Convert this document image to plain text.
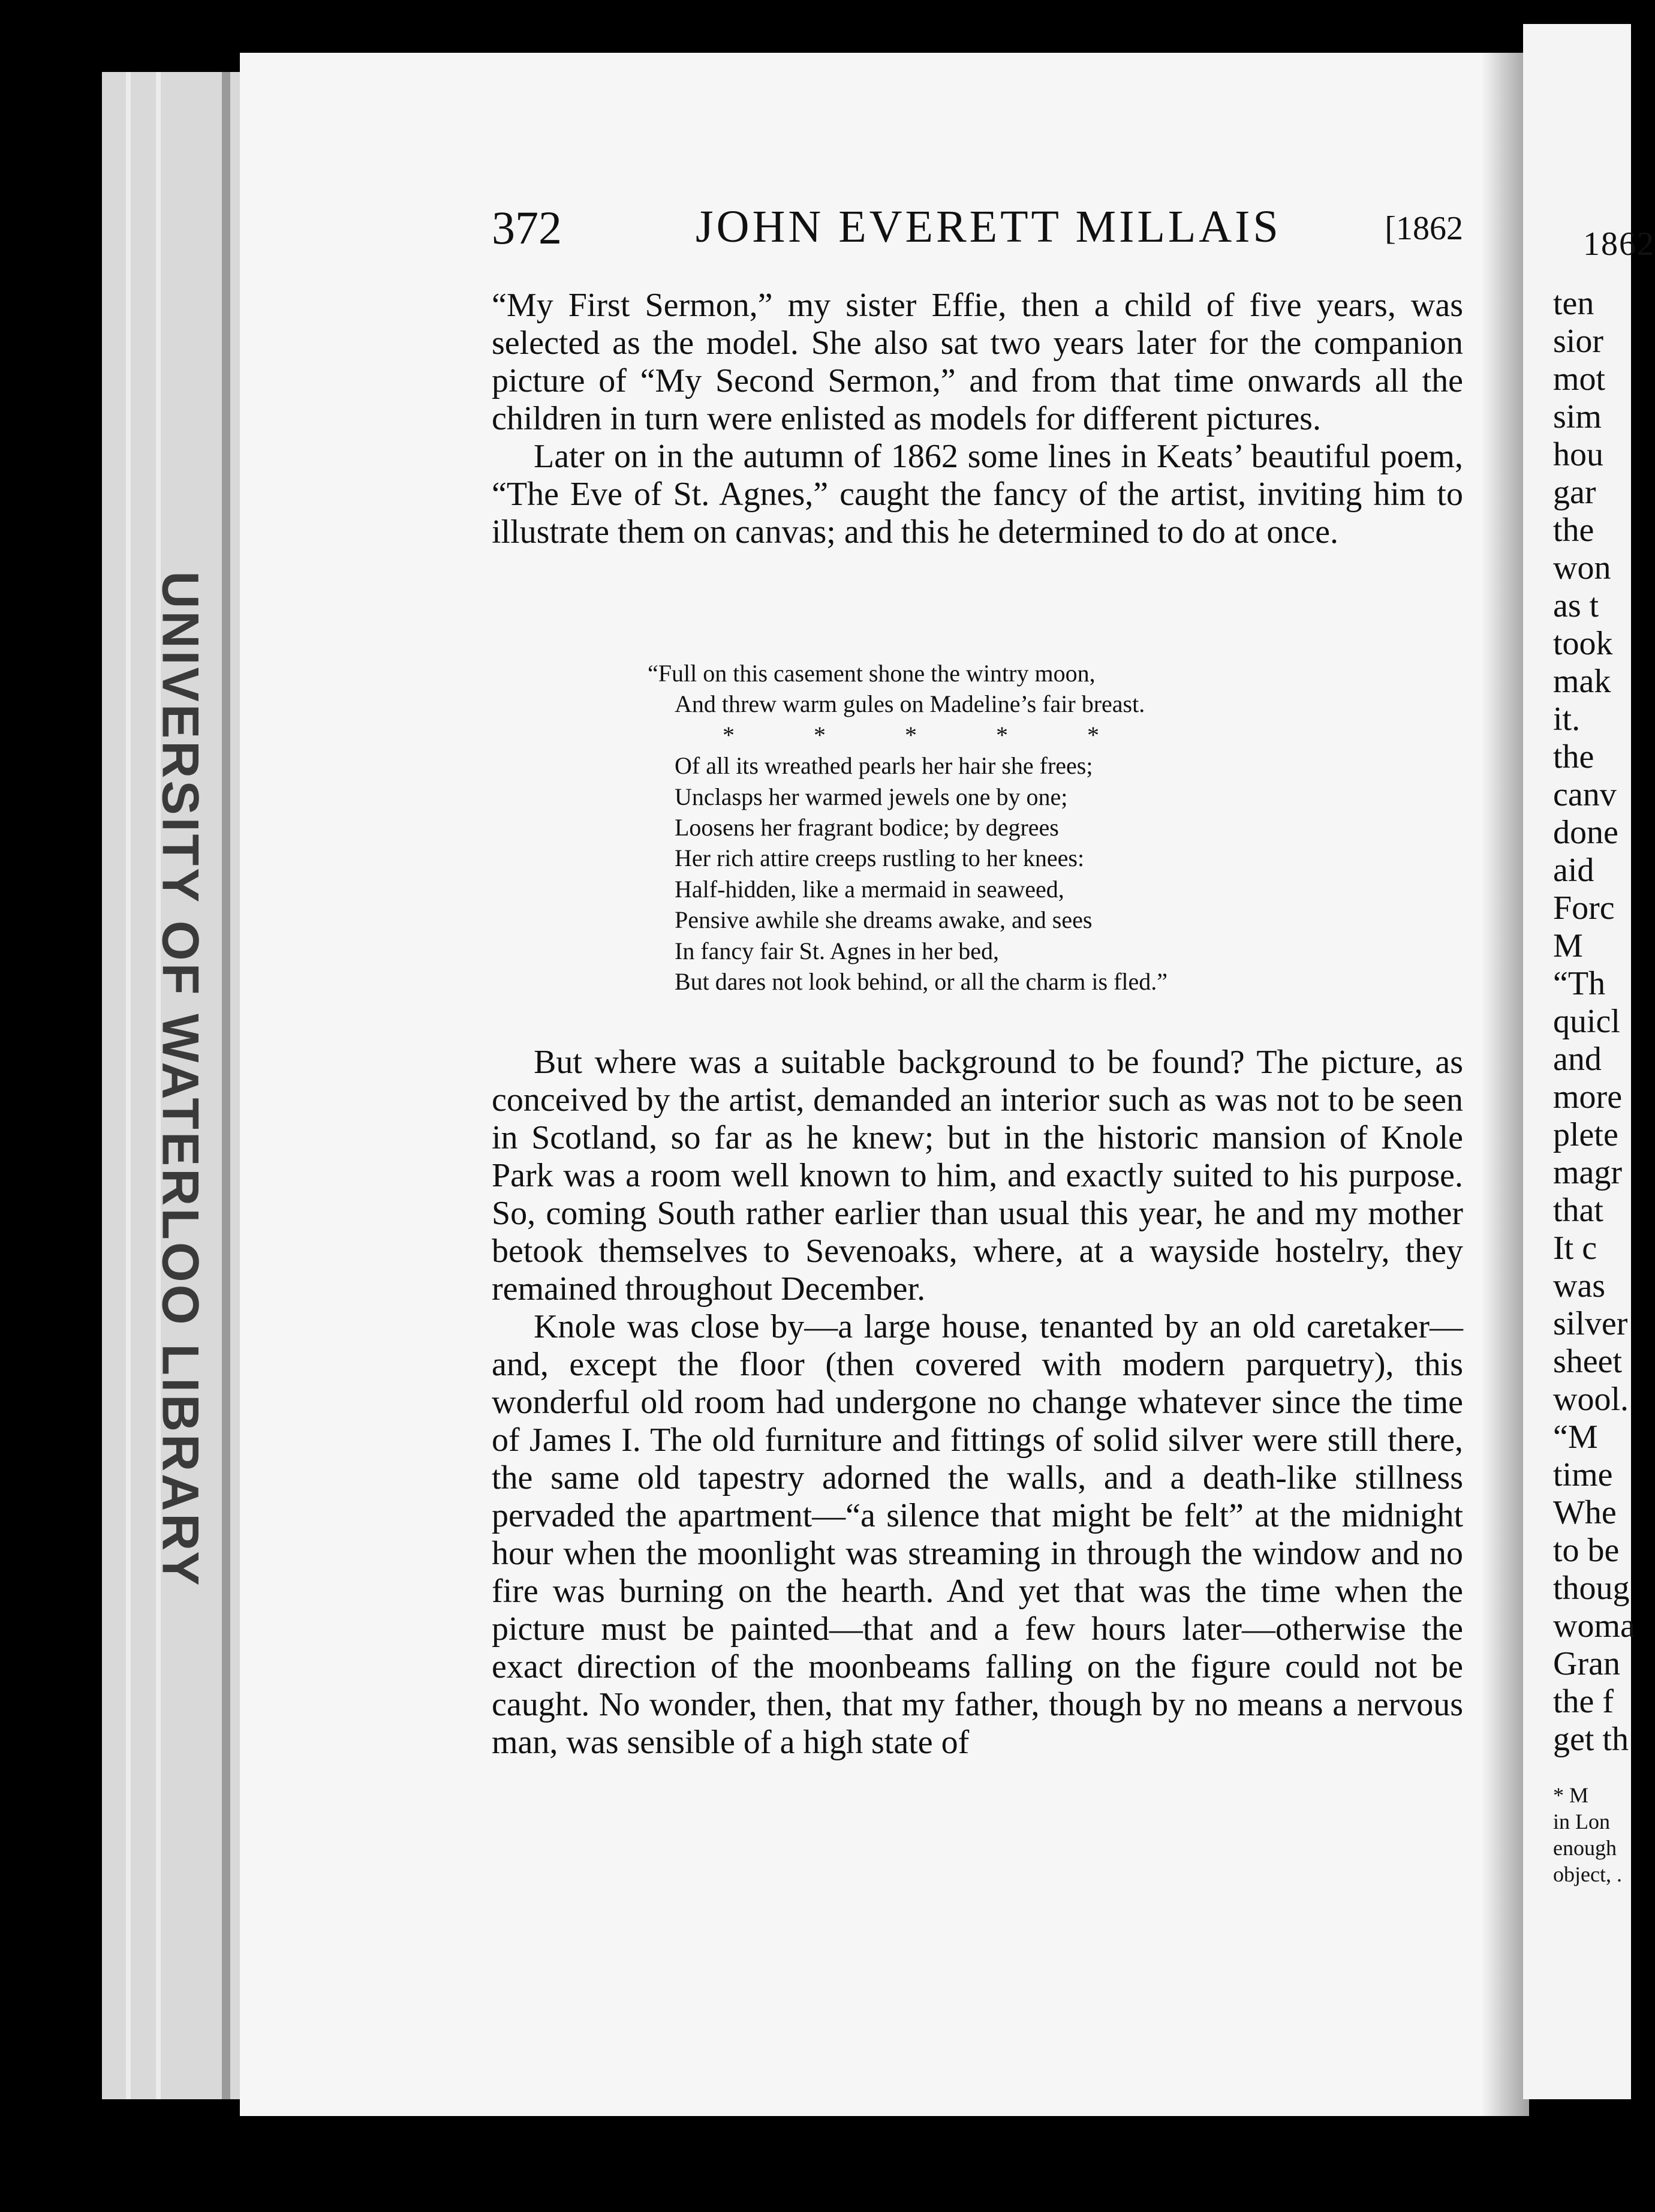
UNIVERSITY OF WATERLOO LIBRARY
372	JOHN EVERETT MILLAIS	[1862

“My First Sermon,” my sister Effie, then a child of five years, was selected as the model. She also sat two years later for the companion picture of “My Second Sermon,” and from that time onwards all the children in turn were enlisted as models for different pictures.

Later on in the autumn of 1862 some lines in Keats’ beautiful poem, “The Eve of St. Agnes,” caught the fancy of the artist, inviting him to illustrate them on canvas; and this he determined to do at once.

“Full on this casement shone the wintry moon,
And threw warm gules on Madeline’s fair breast.
*	*	*	*	*
Of all its wreathed pearls her hair she frees;
Unclasps her warmed jewels one by one;
Loosens her fragrant bodice; by degrees
Her rich attire creeps rustling to her knees:
Half-hidden, like a mermaid in seaweed,
Pensive awhile she dreams awake, and sees
In fancy fair St. Agnes in her bed,
But dares not look behind, or all the charm is fled.”

But where was a suitable background to be found? The picture, as conceived by the artist, demanded an interior such as was not to be seen in Scotland, so far as he knew; but in the historic mansion of Knole Park was a room well known to him, and exactly suited to his purpose. So, coming South rather earlier than usual this year, he and my mother betook themselves to Sevenoaks, where, at a wayside hostelry, they remained throughout December.

Knole was close by—a large house, tenanted by an old caretaker—and, except the floor (then covered with modern parquetry), this wonderful old room had undergone no change whatever since the time of James I. The old furniture and fittings of solid silver were still there, the same old tapestry adorned the walls, and a death-like stillness pervaded the apartment—“a silence that might be felt” at the midnight hour when the moonlight was streaming in through the window and no fire was burning on the hearth. And yet that was the time when the picture must be painted—that and a few hours later—otherwise the exact direction of the moonbeams falling on the figure could not be caught. No wonder, then, that my father, though by no means a nervous man, was sensible of a high state of

1862
ten
sior
mot
sim
hou
gar
the
won
as t
took
mak
it.
the
canv
done
aid
Forc
M
“Th
quicl
and
more
plete
magr
that
It c
was
silver
sheet
wool.
“M
time
Whe
to be
thoug
woma
Gran
the f
get th
* M
in Lon
enough
object, .
